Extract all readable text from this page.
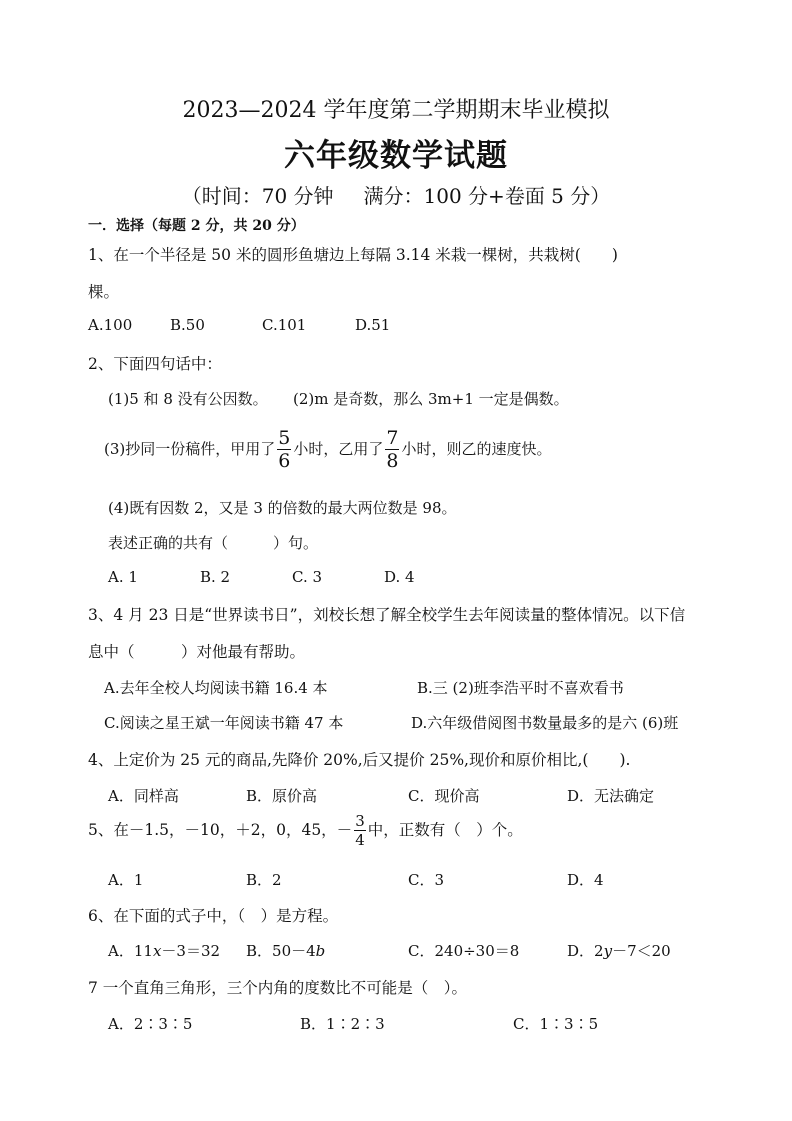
2023—2024 学年度第二学期期末毕业模拟
六年级数学试题
（时间：70 分钟 满分：100 分+卷面 5 分）
一．选择（每题 2 分，共 20 分）
1、在一个半径是 50 米的圆形鱼塘边上每隔 3.14 米栽一棵树，共栽树(　　)
棵。
A.100	B.50	C.101	D.51
2、下面四句话中：
(1)5 和 8 没有公因数。 (2)m 是奇数，那么 3m+1 一定是偶数。
(3)抄同一份稿件，甲用了 $\frac{5}{6}$ 小时，乙用了 $\frac{7}{8}$ 小时，则乙的速度快。
(4)既有因数 2，又是 3 的倍数的最大两位数是 98。
表述正确的共有（　　　）句。
A. 1	B. 2	C. 3	D. 4
3、4 月 23 日是“世界读书日”，刘校长想了解全校学生去年阅读量的整体情况。以下信
息中（　　　）对他最有帮助。
A.去年全校人均阅读书籍 16.4 本	B.三 (2)班李浩平时不喜欢看书
C.阅读之星王斌一年阅读书籍 47 本	D.六年级借阅图书数量最多的是六 (6)班
4、上定价为 25 元的商品,先降价 20%,后又提价 25%,现价和原价相比,(　　).
A．同样高	B．原价高	C．现价高	D．无法确定
5、在－1.5，－10，＋2，0，45，－ $\frac{3}{4}$ 中，正数有（　）个。
A．1	B．2	C．3	D．4
6、在下面的式子中，（　）是方程。
A．11x－3＝32 B．50－4b	C．240÷30＝8	D．2y－7＜20
7 一个直角三角形，三个内角的度数比不可能是（　）。
A．2∶3∶5	B．1∶2∶3	C．1∶3∶5
